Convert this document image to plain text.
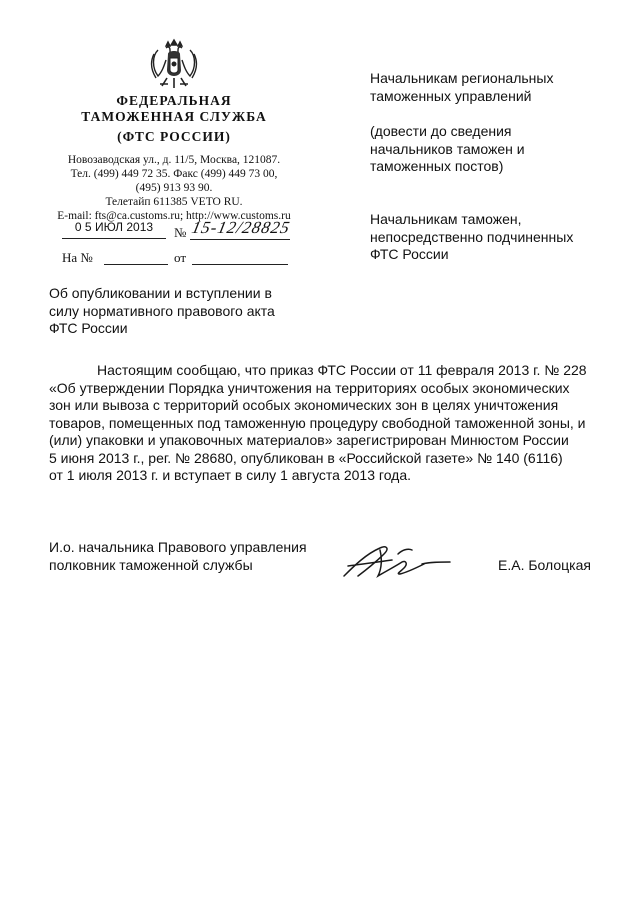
ФЕДЕРАЛЬНАЯ
ТАМОЖЕННАЯ СЛУЖБА
(ФТС РОССИИ)
Новозаводская ул., д. 11/5, Москва, 121087.
Тел. (499) 449 72 35. Факс (499) 449 73 00,
(495) 913 93 90.
Телетайп 611385 VETO RU.
E-mail: fts@ca.customs.ru; http://www.customs.ru
0 5 ИЮЛ 2013	№ 15-12/28825
На №	от
Начальникам региональных
таможенных управлений
(довести до сведения
начальников таможен и
таможенных постов)
Начальникам таможен,
непосредственно подчиненных
ФТС России
Об опубликовании и вступлении в
силу нормативного правового акта
ФТС России
Настоящим сообщаю, что приказ ФТС России от 11 февраля 2013 г. № 228
«Об утверждении Порядка уничтожения на территориях особых экономических
зон или вывоза с территорий особых экономических зон в целях уничтожения
товаров, помещенных под таможенную процедуру свободной таможенной зоны, и
(или) упаковки и упаковочных материалов» зарегистрирован Минюстом России
5 июня 2013 г., рег. № 28680, опубликован в «Российской газете» № 140 (6116)
от 1 июля 2013 г. и вступает в силу 1 августа 2013 года.
И.о. начальника Правового управления
полковник таможенной службы	Е.А. Болоцкая
